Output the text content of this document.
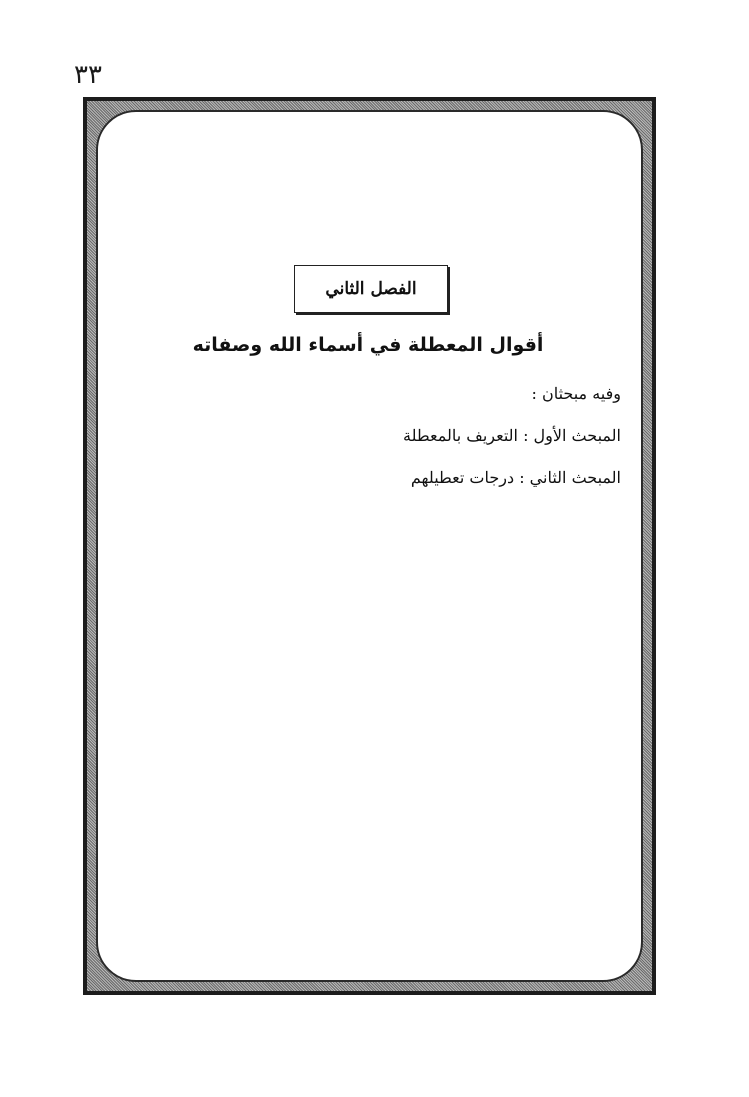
٣٣
الفصل الثاني
أقوال المعطلة في أسماء الله وصفاته
وفيه مبحثان :
المبحث الأول : التعريف بالمعطلة
المبحث الثاني : درجات تعطيلهم
